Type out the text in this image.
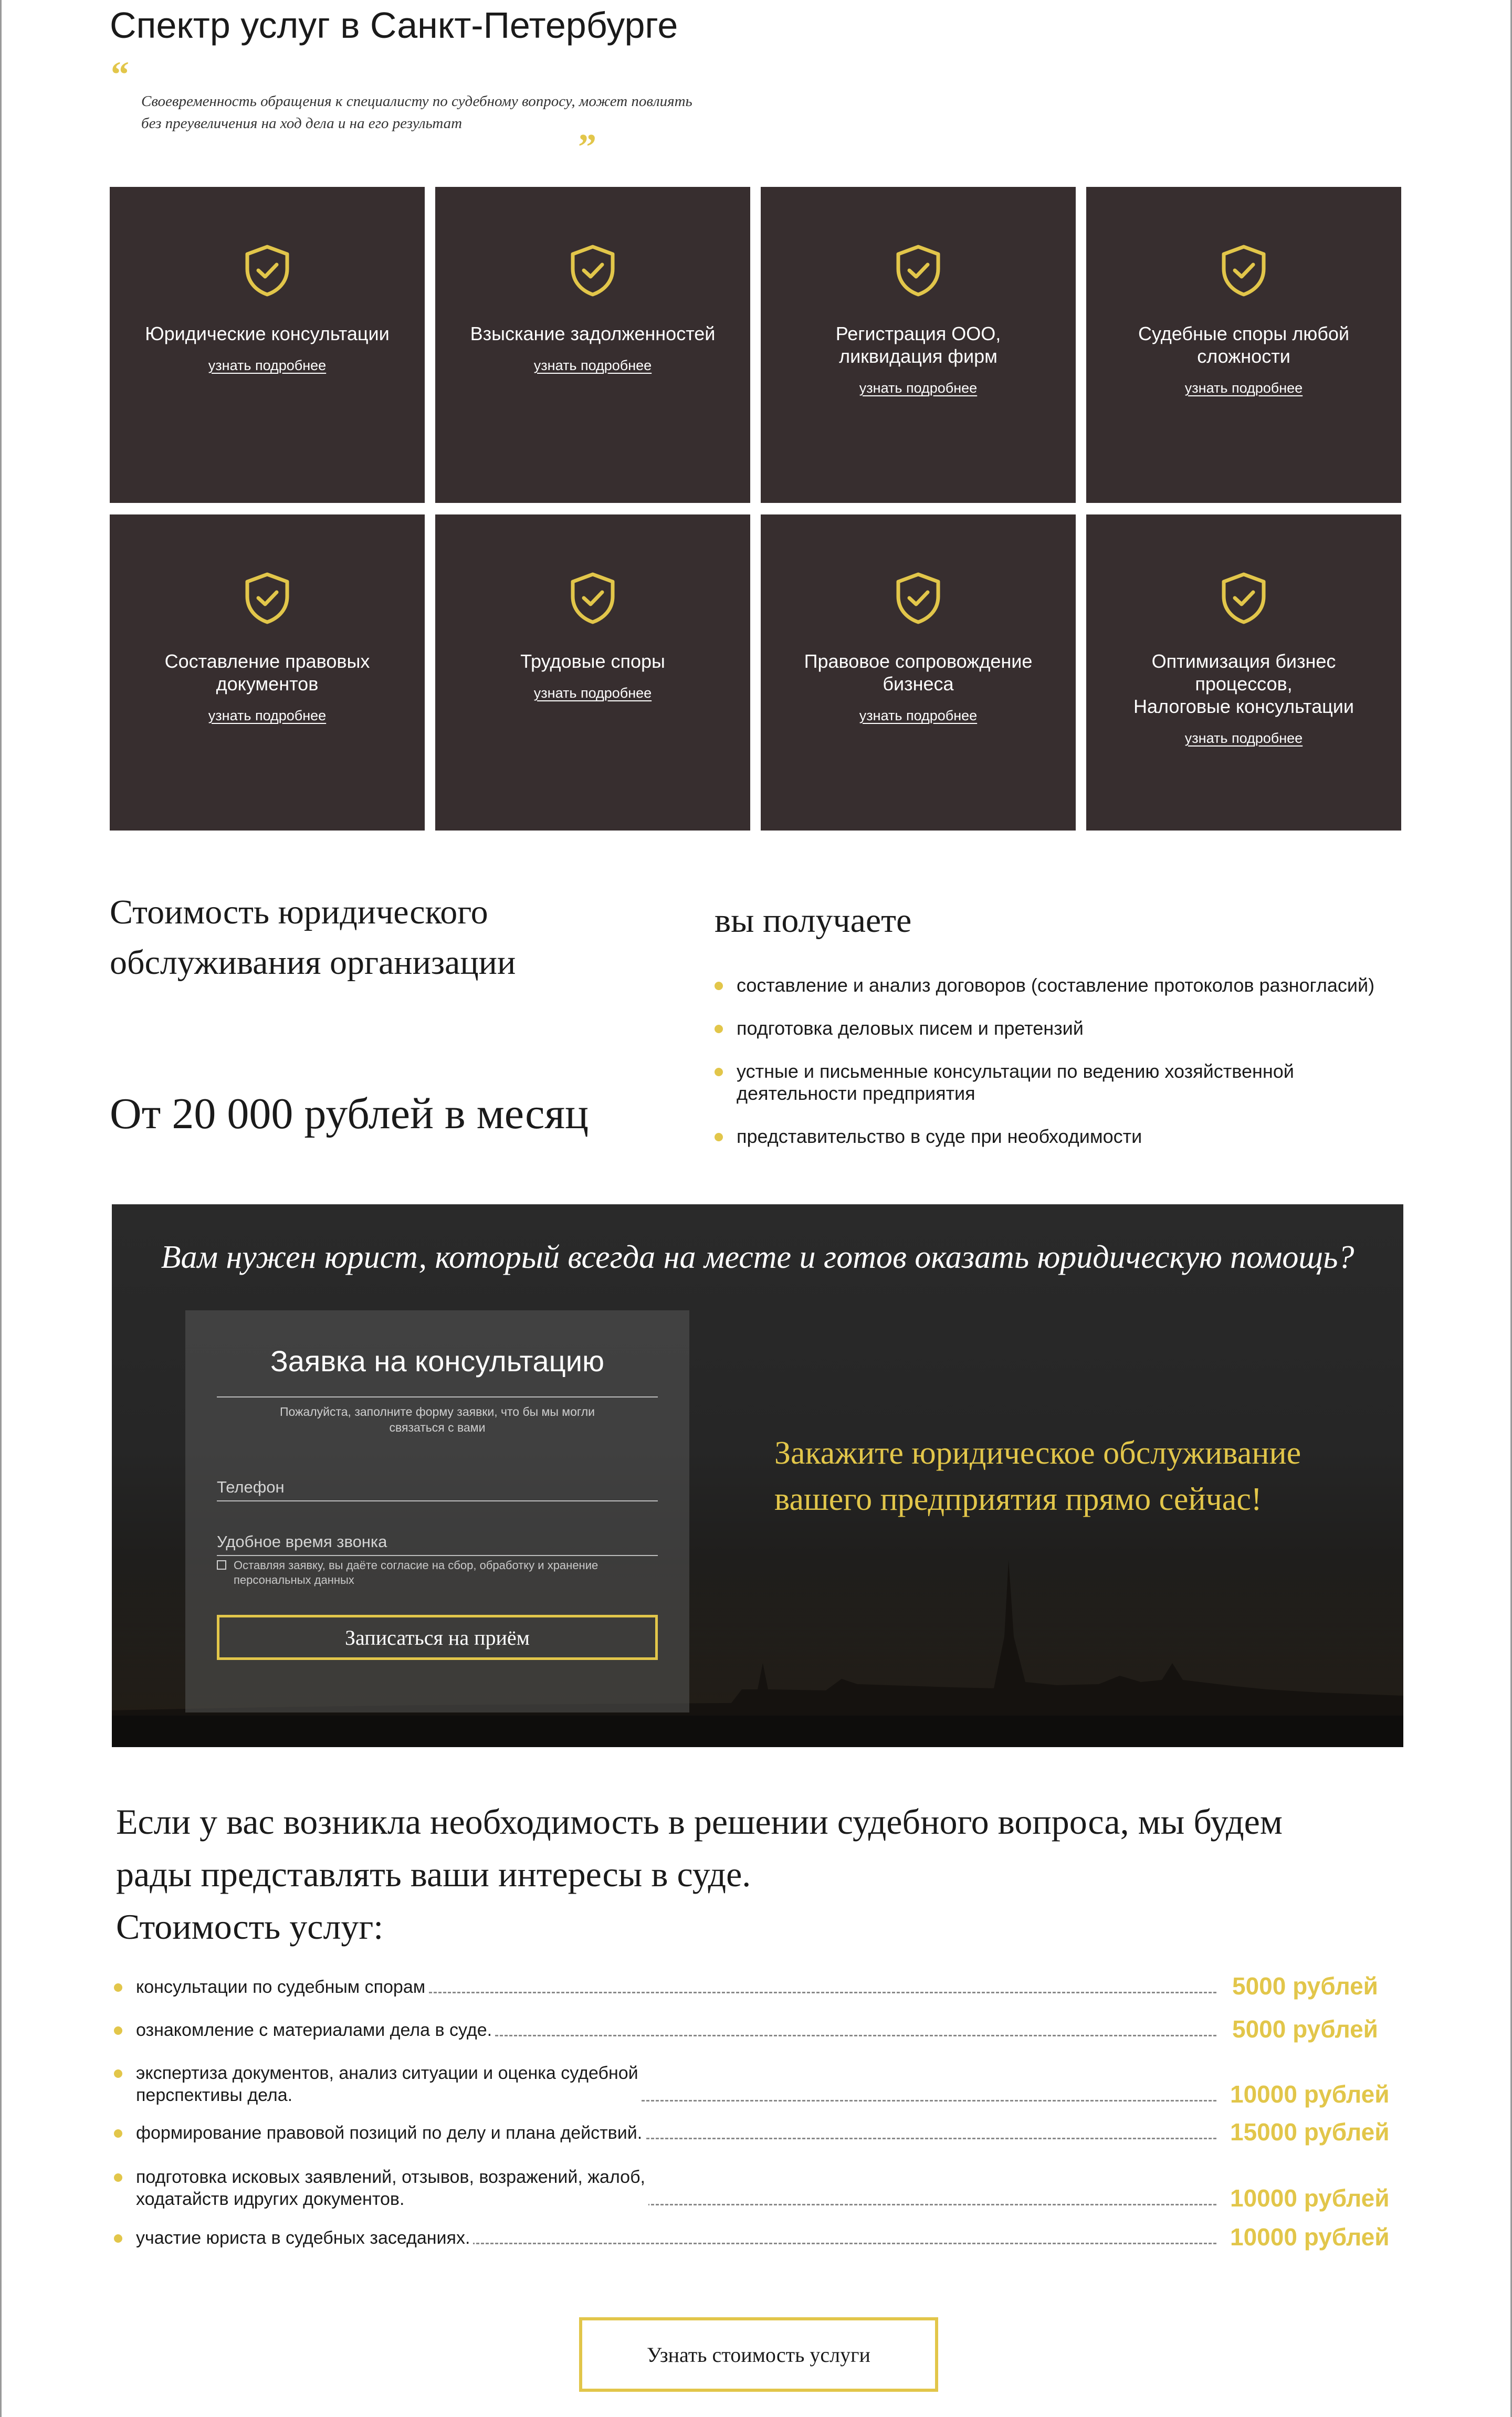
Спектр услуг в Санкт-Петербурге
“
Своевременность обращения к специалисту по судебному вопросу, может повлиять без преувеличения на ход дела и на его результат
”
Юридические консультации
узнать подробнее
Взыскание задолженностей
узнать подробнее
Регистрация ООО,
ликвидация фирм
узнать подробнее
Судебные споры любой
сложности
узнать подробнее
Составление правовых
документов
узнать подробнее
Трудовые споры
узнать подробнее
Правовое сопровождение
бизнеса
узнать подробнее
Оптимизация бизнес
процессов,
Налоговые консультации
узнать подробнее
Стоимость юридического обслуживания организации
От 20 000 рублей в месяц
вы получаете
составление и анализ договоров (составление протоколов разногласий)
подготовка деловых писем и претензий
устные и письменные консультации по ведению хозяйственной деятельности предприятия
представительство в суде при необходимости
Вам нужен юрист, который всегда на месте и готов оказать юридическую помощь?
Заявка на консультацию
Пожалуйста, заполните форму заявки, что бы мы могли связаться с вами
Телефон
Удобное время звонка
Оставляя заявку, вы даёте согласие на сбор, обработку и хранение персональных данных
Записаться на приём
Закажите юридическое обслуживание вашего предприятия прямо сейчас!
Если у вас возникла необходимость в решении судебного вопроса, мы будем рады представлять ваши интересы в суде.
Стоимость услуг:
консультации по судебным спорам	5000 рублей
ознакомление с материалами дела в суде.	5000 рублей
экспертиза документов, анализ ситуации и оценка судебной
перспективы дела.	10000 рублей
формирование правовой позиций по делу и плана действий.	15000 рублей
подготовка исковых заявлений, отзывов, возражений, жалоб,
ходатайств идругих документов.	10000 рублей
участие юриста в судебных заседаниях.	10000 рублей
Узнать стоимость услуги
